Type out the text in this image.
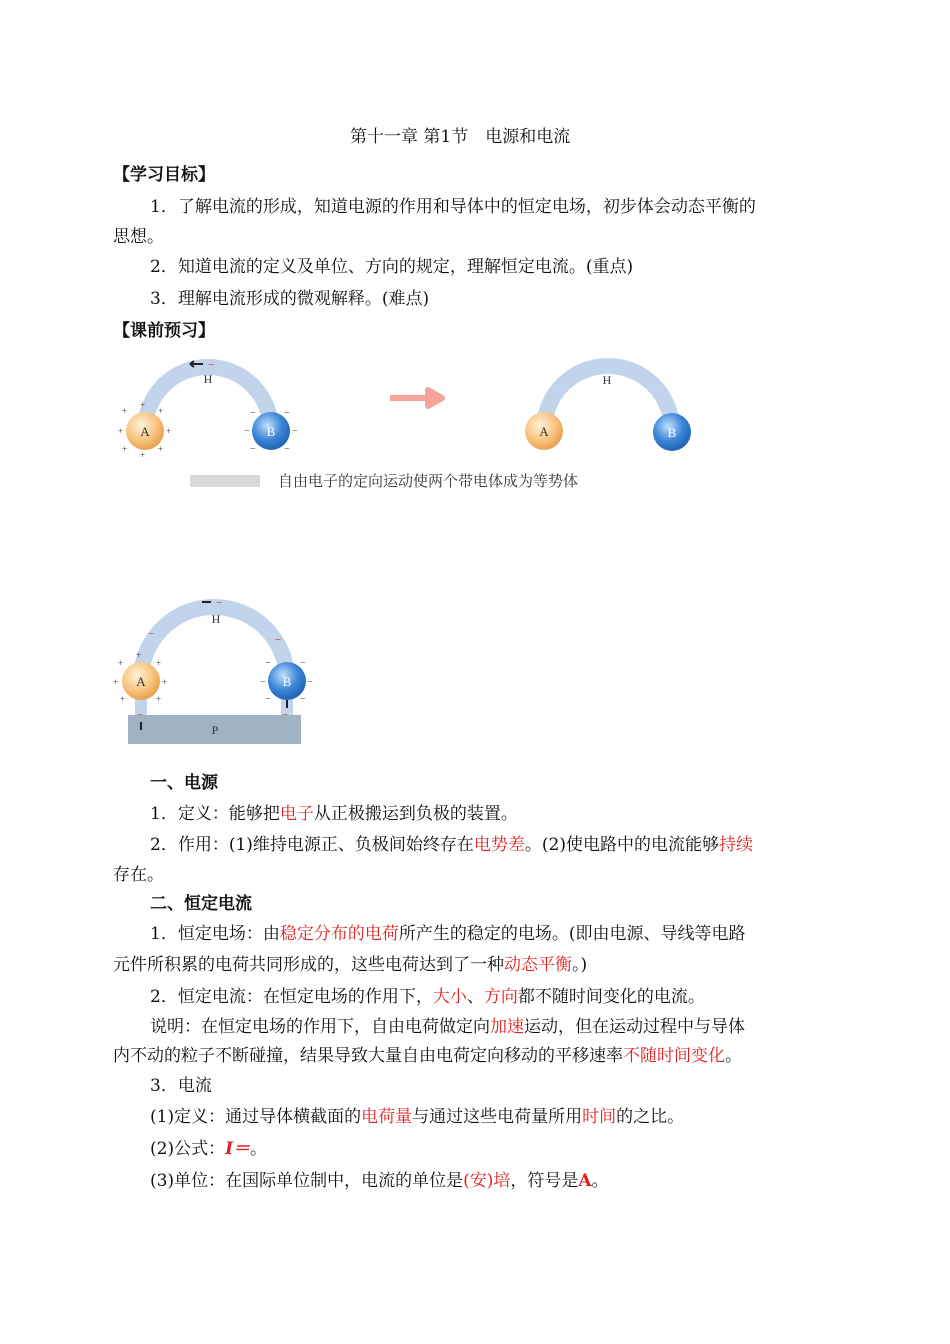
第十一章 第1节　电源和电流
【学习目标】
1．了解电流的形成，知道电源的作用和导体中的恒定电场，初步体会动态平衡的
思想。
2．知道电流的定义及单位、方向的规定，理解恒定电流。(重点)
3．理解电流形成的微观解释。(难点)
【课前预习】
A	B
H
−
+
+
+
+	+
+
+
+
−	−
−	−
−	−
A	B
H
自由电子的定向运动使两个带电体成为等势体
P
A	B
H
−
−	−
−
−
+
+
+
+	+
+	+
−	−
−	−
−	−
一、电源
1．定义：能够把电子从正极搬运到负极的装置。
2．作用：(1)维持电源正、负极间始终存在电势差。(2)使电路中的电流能够持续
存在。
二、恒定电流
1．恒定电场：由稳定分布的电荷所产生的稳定的电场。(即由电源、导线等电路
元件所积累的电荷共同形成的，这些电荷达到了一种动态平衡。)
2．恒定电流：在恒定电场的作用下，大小、方向都不随时间变化的电流。
说明：在恒定电场的作用下，自由电荷做定向加速运动，但在运动过程中与导体
内不动的粒子不断碰撞，结果导致大量自由电荷定向移动的平移速率不随时间变化。
3．电流
(1)定义：通过导体横截面的电荷量与通过这些电荷量所用时间的之比。
(2)公式：I＝。
(3)单位：在国际单位制中，电流的单位是(安)培，符号是A。
